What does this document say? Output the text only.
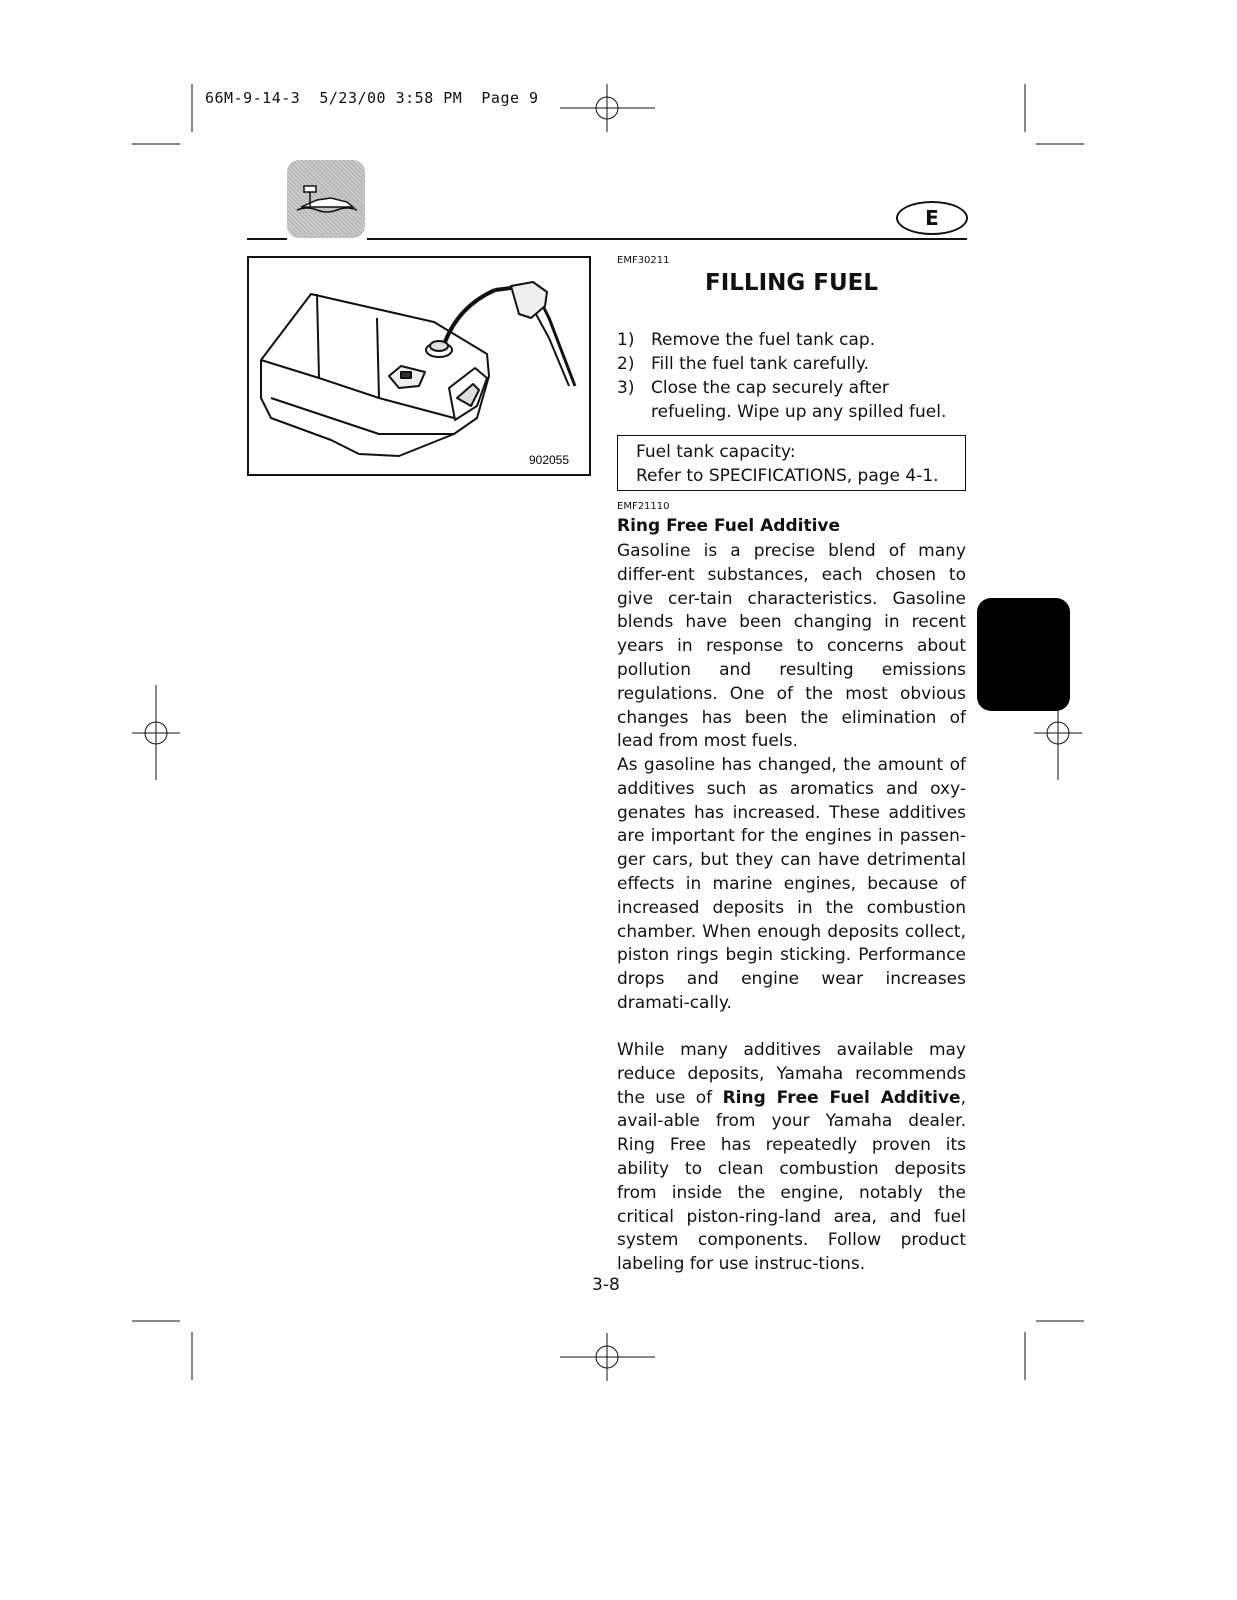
66M-9-14-3  5/23/00 3:58 PM  Page 9
E
902055
EMF30211
FILLING FUEL
1) Remove the fuel tank cap.
2) Fill the fuel tank carefully.
3) Close the cap securely after refueling. Wipe up any spilled fuel.
Fuel tank capacity:
Refer to SPECIFICATIONS, page 4-1.
EMF21110
Ring Free Fuel Additive

Gasoline is a precise blend of many differ-ent substances, each chosen to give cer-tain characteristics. Gasoline blends have been changing in recent years in response to concerns about pollution and resulting emissions regulations. One of the most obvious changes has been the elimination of lead from most fuels.

As gasoline has changed, the amount of additives such as aromatics and oxy-genates has increased. These additives are important for the engines in passen-ger cars, but they can have detrimental effects in marine engines, because of increased deposits in the combustion chamber. When enough deposits collect, piston rings begin sticking. Performance drops and engine wear increases dramati-cally.

While many additives available may reduce deposits, Yamaha recommends the use of Ring Free Fuel Additive, avail-able from your Yamaha dealer. Ring Free has repeatedly proven its ability to clean combustion deposits from inside the engine, notably the critical piston-ring-land area, and fuel system components. Follow product labeling for use instruc-tions.

3-8
